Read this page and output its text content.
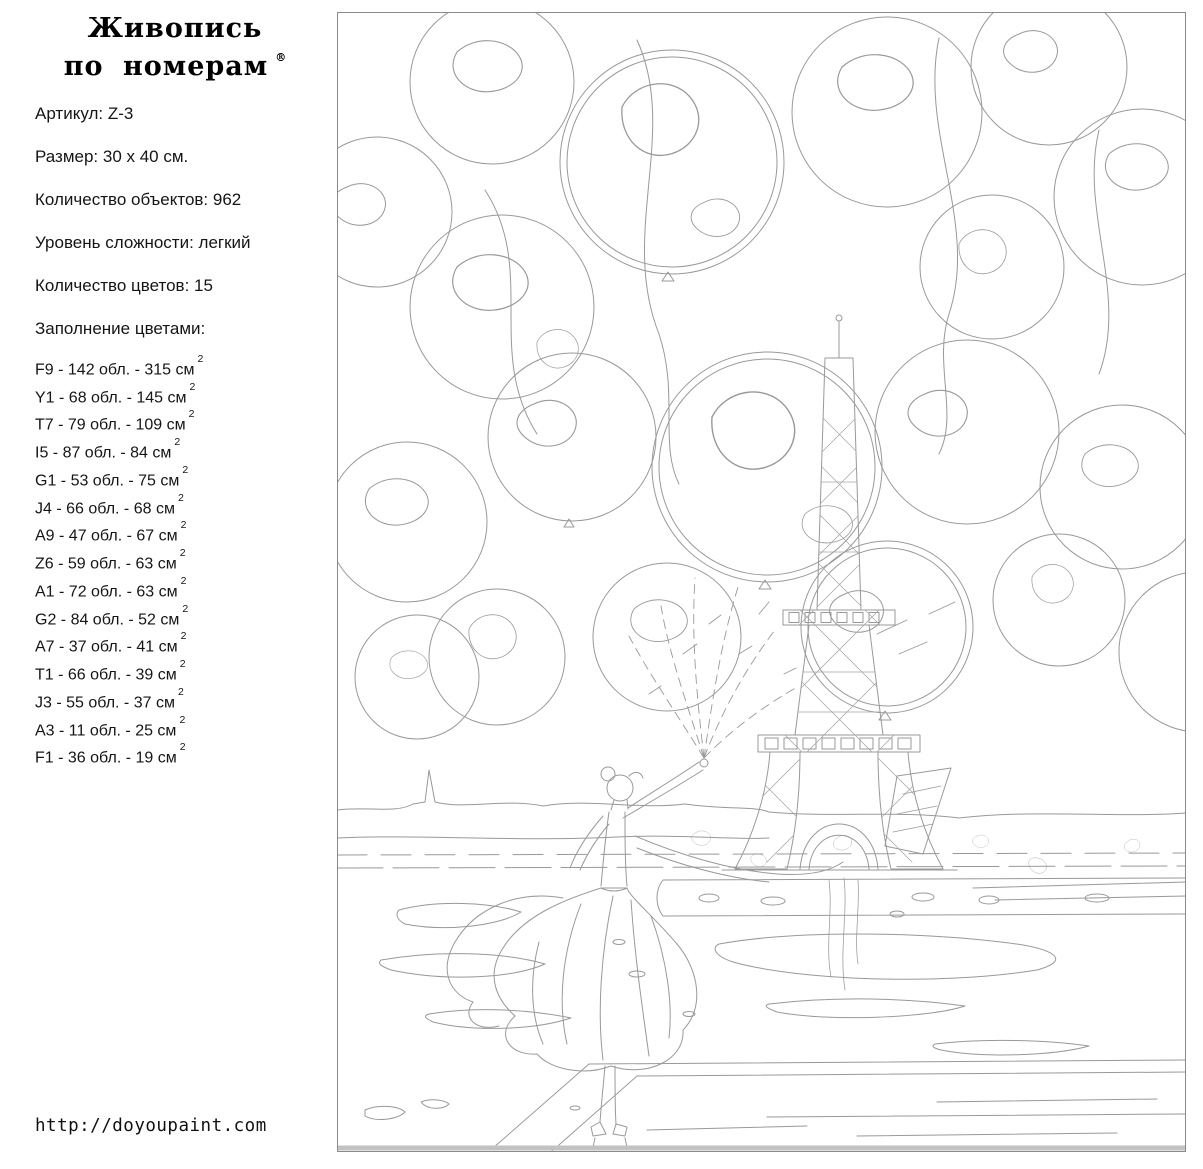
Живопись
по номерам ®

Артикул: Z-3

Размер: 30 x 40 см.

Количество объектов: 962

Уровень сложности: легкий

Количество цветов: 15

Заполнение цветами:

F9 - 142 обл. - 315 $см^2$
Y1 - 68 обл. - 145 $см^2$
T7 - 79 обл. - 109 $см^2$
I5 - 87 обл. - 84 $см^2$
G1 - 53 обл. - 75 $см^2$
J4 - 66 обл. - 68 $см^2$
A9 - 47 обл. - 67 $см^2$
Z6 - 59 обл. - 63 $см^2$
A1 - 72 обл. - 63 $см^2$
G2 - 84 обл. - 52 $см^2$
A7 - 37 обл. - 41 $см^2$
T1 - 66 обл. - 39 $см^2$
J3 - 55 обл. - 37 $см^2$
A3 - 11 обл. - 25 $см^2$
F1 - 36 обл. - 19 $см^2$
http://doyoupaint.com
